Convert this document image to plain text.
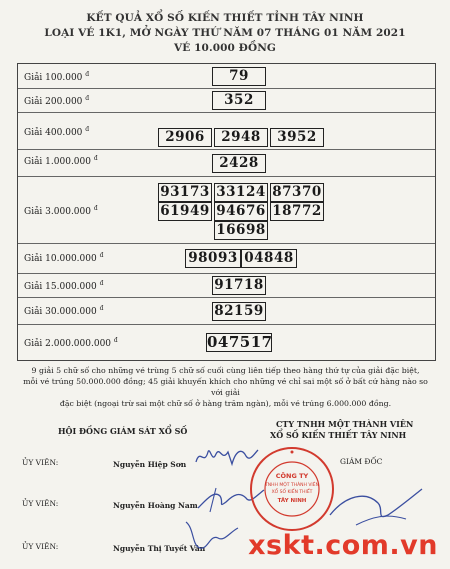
KẾT QUẢ XỔ SỐ KIẾN THIẾT TỈNH TÂY NINH
LOẠI VÉ 1K1, MỞ NGÀY THỨ NĂM 07 THÁNG 01 NĂM 2021
VÉ 10.000 ĐỒNG
Giải 100.000 $^đ$	79
Giải 200.000 $^đ$	352
Giải 400.000 $^đ$	2906	2948	3952
Giải 1.000.000 $^đ$	2428
Giải 3.000.000 $^đ$
93173 33124 87370
61949 94676 18772
16698
Giải 10.000.000 $^đ$	98093 04848
Giải 15.000.000 $^đ$	91718
Giải 30.000.000 $^đ$	82159
Giải 2.000.000.000 $^đ$	047517
9 giải 5 chữ số cho những vé trùng 5 chữ số cuối cùng liên tiếp theo hàng thứ tự của giải đặc biệt,
mỗi vé trúng 50.000.000 đồng; 45 giải khuyến khích cho những vé chỉ sai một số ở bất cứ hàng nào so với giải
đặc biệt (ngoại trừ sai một chữ số ở hàng trăm ngàn), mỗi vé trúng 6.000.000 đồng.
HỘI ĐỒNG GIÁM SÁT XỔ SỐ
CTY TNHH MỘT THÀNH VIÊN
XỔ SỐ KIẾN THIẾT TÂY NINH
ỦY VIÊN:	Nguyễn Hiệp Sơn	GIÁM ĐỐC
ỦY VIÊN:	Nguyễn Hoàng Nam
ỦY VIÊN:	Nguyễn Thị Tuyết Vân
CÔNG TY
TNHH MỘT THÀNH VIÊN
XỔ SỐ KIẾN THIẾT
TÂY NINH
xskt.com.vn
